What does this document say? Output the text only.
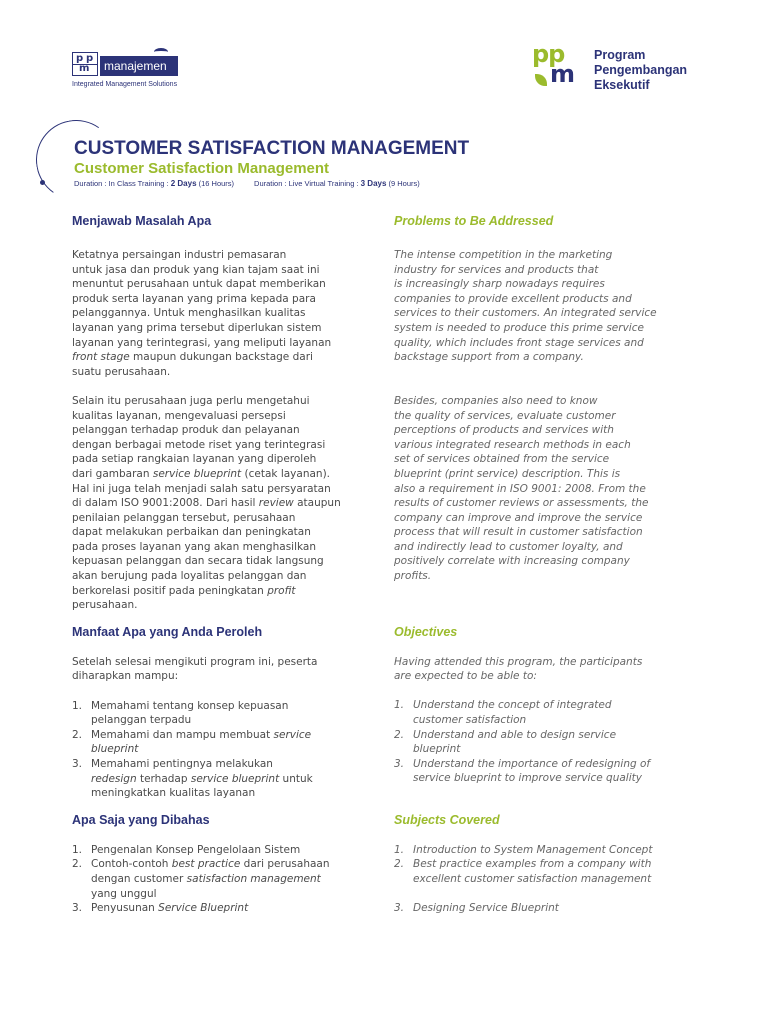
p p
m	manajemen
Integrated Management Solutions
pp
m
Program
Pengembangan
Eksekutif
CUSTOMER SATISFACTION MANAGEMENT
Customer Satisfaction Management
Duration : In Class Training : 2 Days (16 Hours)	Duration : Live Virtual Training : 3 Days (9 Hours)
Menjawab Masalah Apa
Ketatnya persaingan industri pemasaran
untuk jasa dan produk yang kian tajam saat ini
menuntut perusahaan untuk dapat memberikan
produk serta layanan yang prima kepada para
pelanggannya. Untuk menghasilkan kualitas
layanan yang prima tersebut diperlukan sistem
layanan yang terintegrasi, yang meliputi layanan
front stage maupun dukungan backstage dari
suatu perusahaan.
Selain itu perusahaan juga perlu mengetahui
kualitas layanan, mengevaluasi persepsi
pelanggan terhadap produk dan pelayanan
dengan berbagai metode riset yang terintegrasi
pada setiap rangkaian layanan yang diperoleh
dari gambaran service blueprint (cetak layanan).
Hal ini juga telah menjadi salah satu persyaratan
di dalam ISO 9001:2008. Dari hasil review ataupun
penilaian pelanggan tersebut, perusahaan
dapat melakukan perbaikan dan peningkatan
pada proses layanan yang akan menghasilkan
kepuasan pelanggan dan secara tidak langsung
akan berujung pada loyalitas pelanggan dan
berkorelasi positif pada peningkatan profit
perusahaan.
Manfaat Apa yang Anda Peroleh
Setelah selesai mengikuti program ini, peserta
diharapkan mampu:
1. Memahami tentang konsep kepuasan
pelanggan terpadu
2. Memahami dan mampu membuat service
blueprint
3. Memahami pentingnya melakukan
redesign terhadap service blueprint untuk
meningkatkan kualitas layanan
Apa Saja yang Dibahas
1. Pengenalan Konsep Pengelolaan Sistem
2. Contoh-contoh best practice dari perusahaan
dengan customer satisfaction management
yang unggul
3. Penyusunan Service Blueprint
Problems to Be Addressed
The intense competition in the marketing
industry for services and products that
is increasingly sharp nowadays requires
companies to provide excellent products and
services to their customers. An integrated service
system is needed to produce this prime service
quality, which includes front stage services and
backstage support from a company.
Besides, companies also need to know
the quality of services, evaluate customer
perceptions of products and services with
various integrated research methods in each
set of services obtained from the service
blueprint (print service) description. This is
also a requirement in ISO 9001: 2008. From the
results of customer reviews or assessments, the
company can improve and improve the service
process that will result in customer satisfaction
and indirectly lead to customer loyalty, and
positively correlate with increasing company
profits.
Objectives
Having attended this program, the participants
are expected to be able to:
1. Understand the concept of integrated
customer satisfaction
2. Understand and able to design service
blueprint
3. Understand the importance of redesigning of
service blueprint to improve service quality
Subjects Covered
1. Introduction to System Management Concept
2. Best practice examples from a company with
excellent customer satisfaction management
3. Designing Service Blueprint
